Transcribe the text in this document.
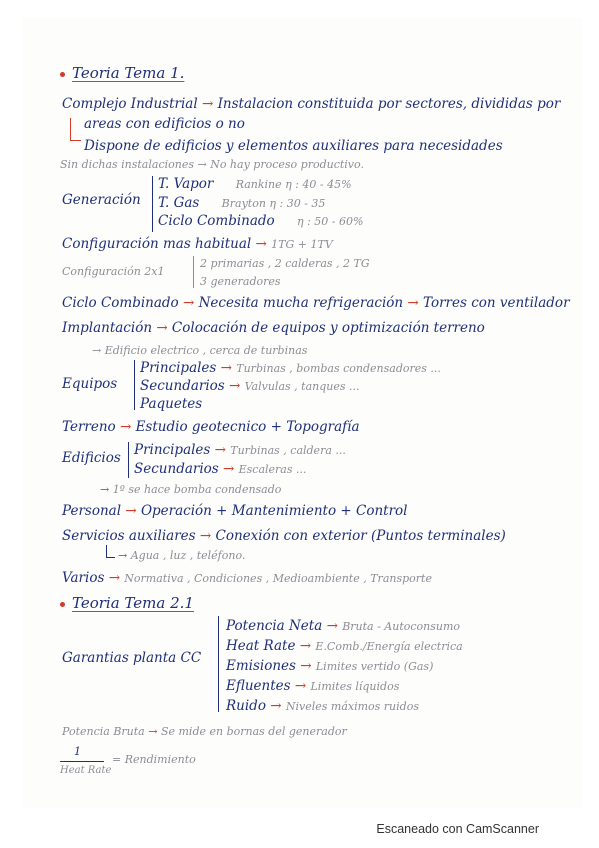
Teoria Tema 1.
Complejo Industrial → Instalacion constituida por sectores, divididas por
areas con edificios o no
Dispone de edificios y elementos auxiliares para necesidades
Sin dichas instalaciones → No hay proceso productivo.
Generación
T. Vapor Rankine η : 40 - 45%
T. Gas Brayton η : 30 - 35
Ciclo Combinado η : 50 - 60%
Configuración mas habitual → 1TG + 1TV
Configuración 2x1
2 primarias , 2 calderas , 2 TG
3 generadores
Ciclo Combinado → Necesita mucha refrigeración → Torres con ventilador
Implantación → Colocación de equipos y optimización terreno
→ Edificio electrico , cerca de turbinas
Equipos
Principales → Turbinas , bombas condensadores ...
Secundarios → Valvulas , tanques ...
Paquetes
Terreno → Estudio geotecnico + Topografía
Edificios Principales → Turbinas , caldera ...
Secundarios → Escaleras ...
→ 1º se hace bomba condensado
Personal → Operación + Mantenimiento + Control
Servicios auxiliares → Conexión con exterior (Puntos terminales)
→ Agua , luz , teléfono.
Varios → Normativa , Condiciones , Medioambiente , Transporte
Teoria Tema 2.1
Garantias planta CC
Potencia Neta → Bruta - Autoconsumo
Heat Rate → E.Comb./Energía electrica
Emisiones → Limites vertido (Gas)
Efluentes → Limites líquidos
Ruido → Niveles máximos ruidos
Potencia Bruta → Se mide en bornas del generador
1
Heat Rate
= Rendimiento
Escaneado con CamScanner
